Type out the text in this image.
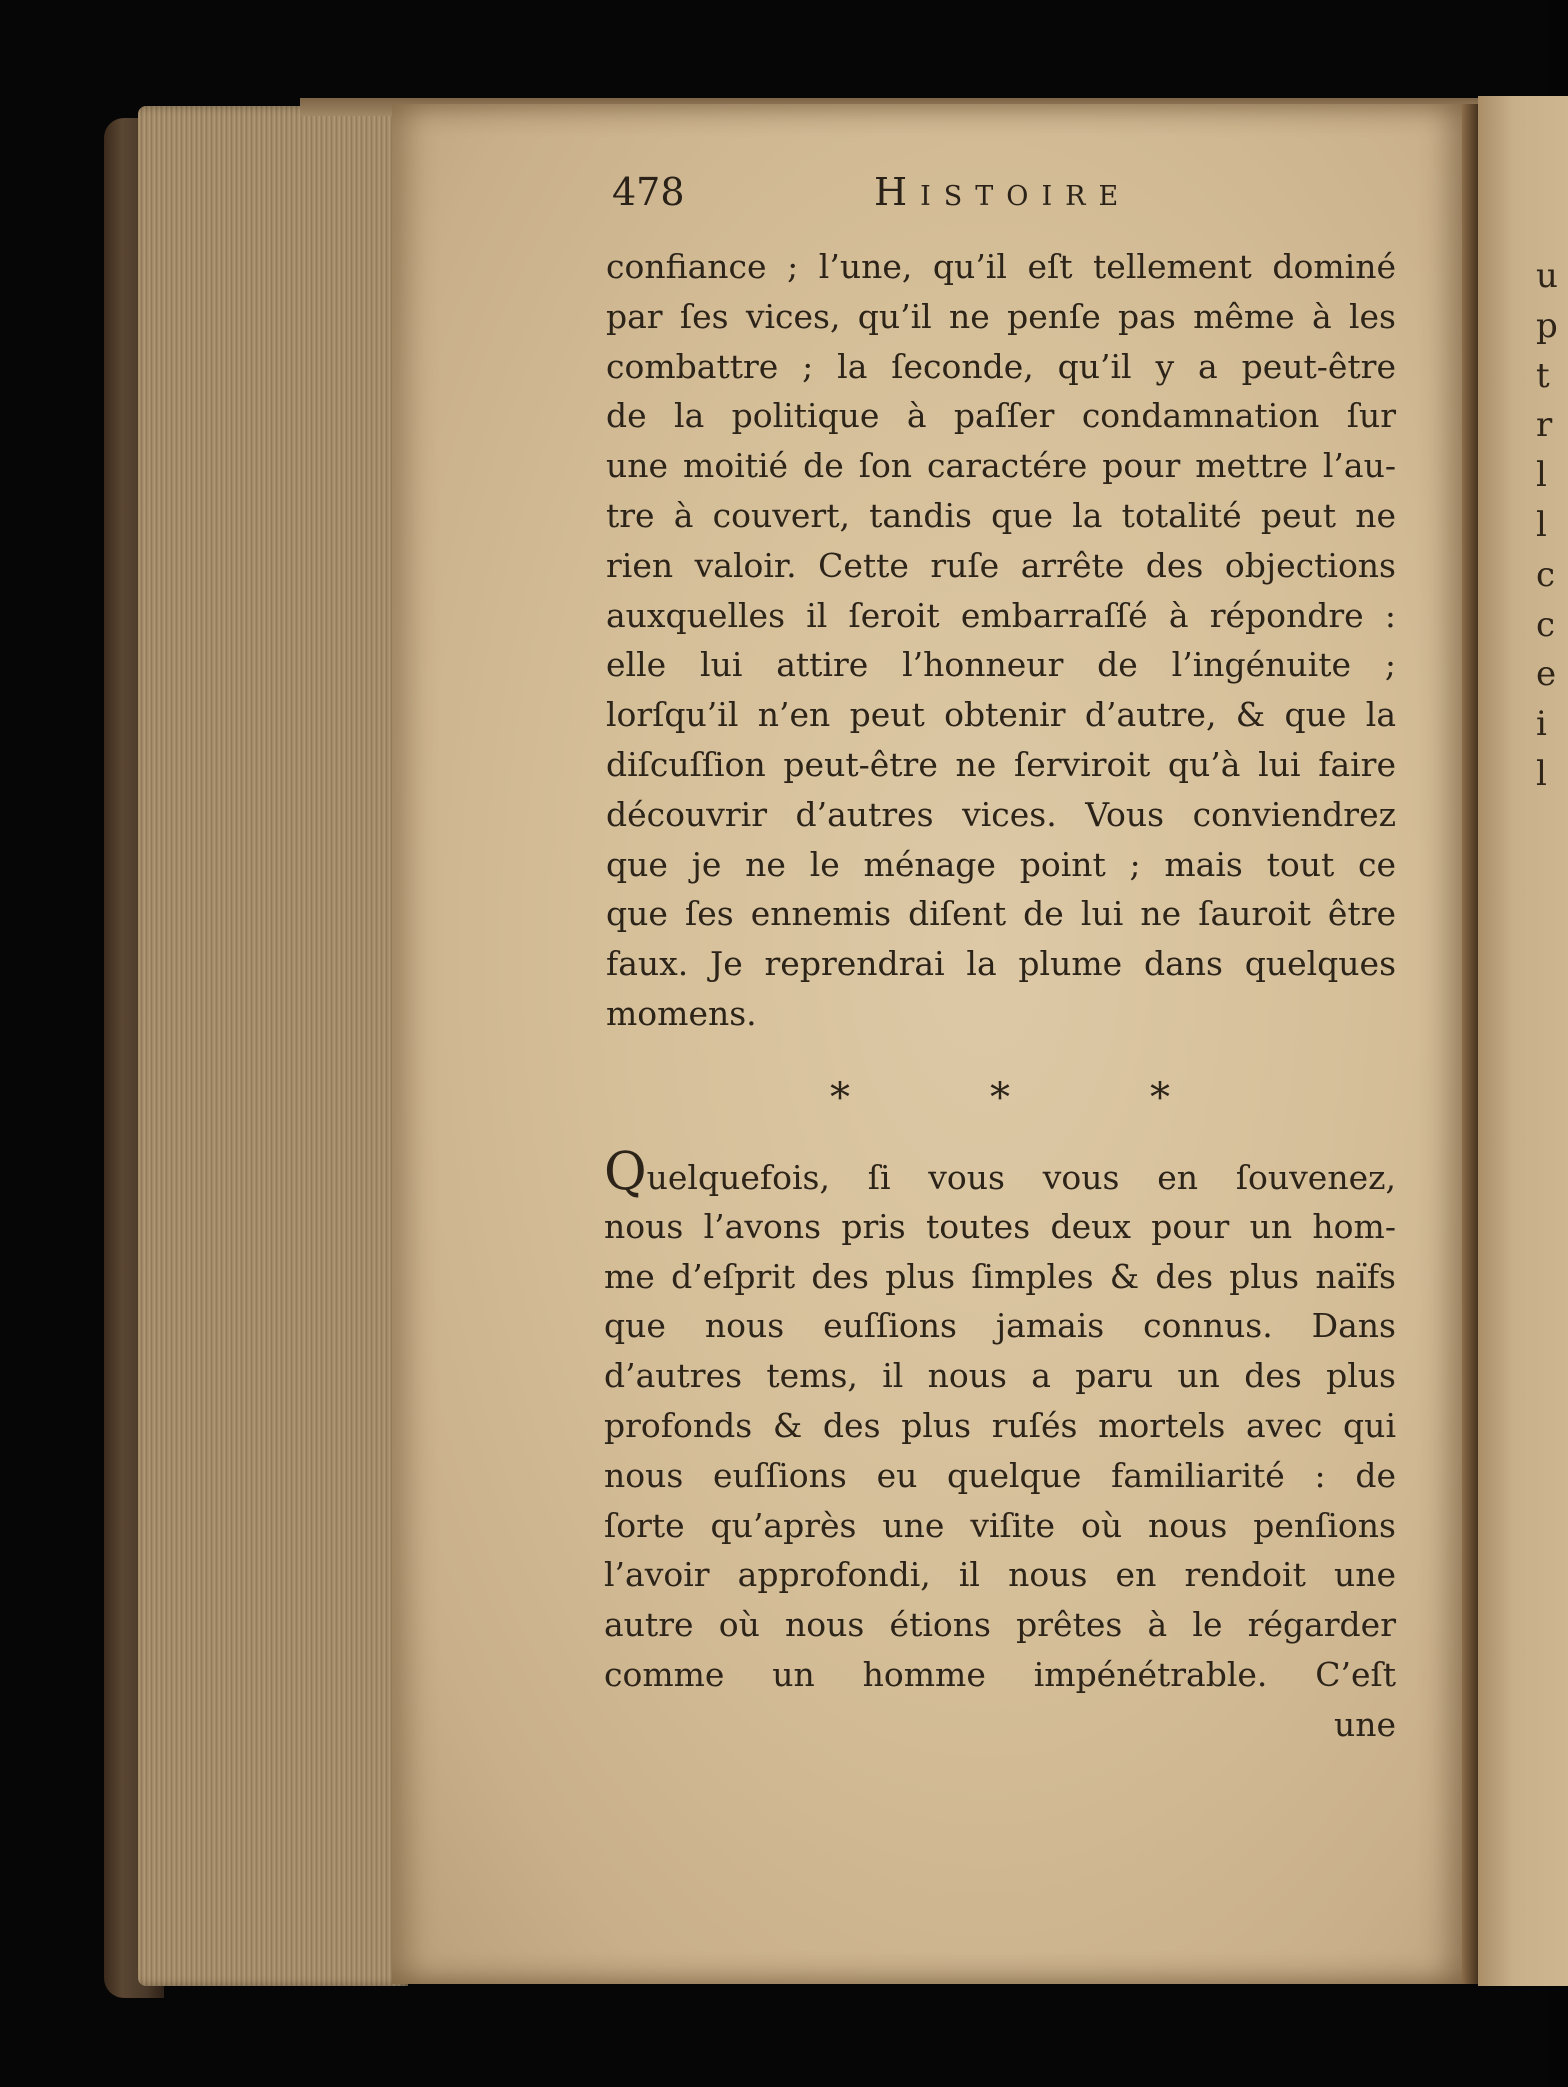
u
p
t
r
l
l
c
c
e
i
l
478	Histoire
confiance ; l’une, qu’il eſt tellement dominé
par ſes vices, qu’il ne penſe pas même à les
combattre ; la ſeconde, qu’il y a peut-être
de la politique à paſſer condamnation ſur
une moitié de ſon caractére pour mettre l’au-
tre à couvert, tandis que la totalité peut ne
rien valoir. Cette ruſe arrête des objections
auxquelles il ſeroit embarraſſé à répondre :
elle lui attire l’honneur de l’ingénuite ;
lorſqu’il n’en peut obtenir d’autre, & que la
diſcuſſion peut-être ne ſerviroit qu’à lui faire
découvrir d’autres vices. Vous conviendrez
que je ne le ménage point ; mais tout ce
que ſes ennemis diſent de lui ne ſauroit être
faux. Je reprendrai la plume dans quelques
momens.
*	*	*
Quelquefois, ſi vous vous en ſouvenez,
nous l’avons pris toutes deux pour un hom-
me d’eſprit des plus ſimples & des plus naïfs
que nous euſſions jamais connus. Dans
d’autres tems, il nous a paru un des plus
profonds & des plus ruſés mortels avec qui
nous euſſions eu quelque familiarité : de
ſorte qu’après une viſite où nous penſions
l’avoir approfondi, il nous en rendoit une
autre où nous étions prêtes à le régarder
comme un homme impénétrable. C’eſt
une
